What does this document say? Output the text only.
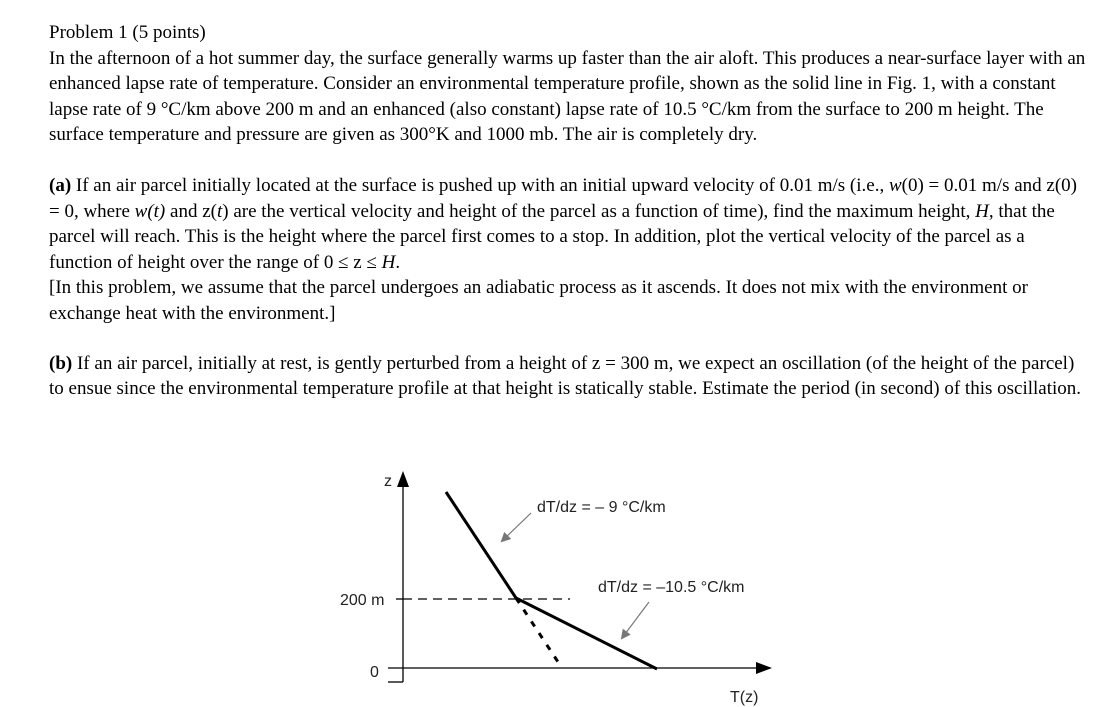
Problem 1 (5 points)

In the afternoon of a hot summer day, the surface generally warms up faster than the air aloft. This produces a near-surface layer with an enhanced lapse rate of temperature. Consider an environmental temperature profile, shown as the solid line in Fig. 1, with a constant lapse rate of 9 °C/km above 200 m and an enhanced (also constant) lapse rate of 10.5 °C/km from the surface to 200 m height. The surface temperature and pressure are given as 300°K and 1000 mb. The air is completely dry.

(a) If an air parcel initially located at the surface is pushed up with an initial upward velocity of 0.01 m/s (i.e., w(0) = 0.01 m/s and z(0) = 0, where w(t) and z(t) are the vertical velocity and height of the parcel as a function of time), find the maximum height, H, that the parcel will reach. This is the height where the parcel first comes to a stop. In addition, plot the vertical velocity of the parcel as a function of height over the range of 0 ≤ z ≤ H.

[In this problem, we assume that the parcel undergoes an adiabatic process as it ascends. It does not mix with the environment or exchange heat with the environment.]

(b) If an air parcel, initially at rest, is gently perturbed from a height of z = 300 m, we expect an oscillation (of the height of the parcel) to ensue since the environmental temperature profile at that height is statically stable. Estimate the period (in second) of this oscillation.

z
200 m
0
dT/dz = – 9 °C/km
dT/dz = –10.5 °C/km
T(z)
